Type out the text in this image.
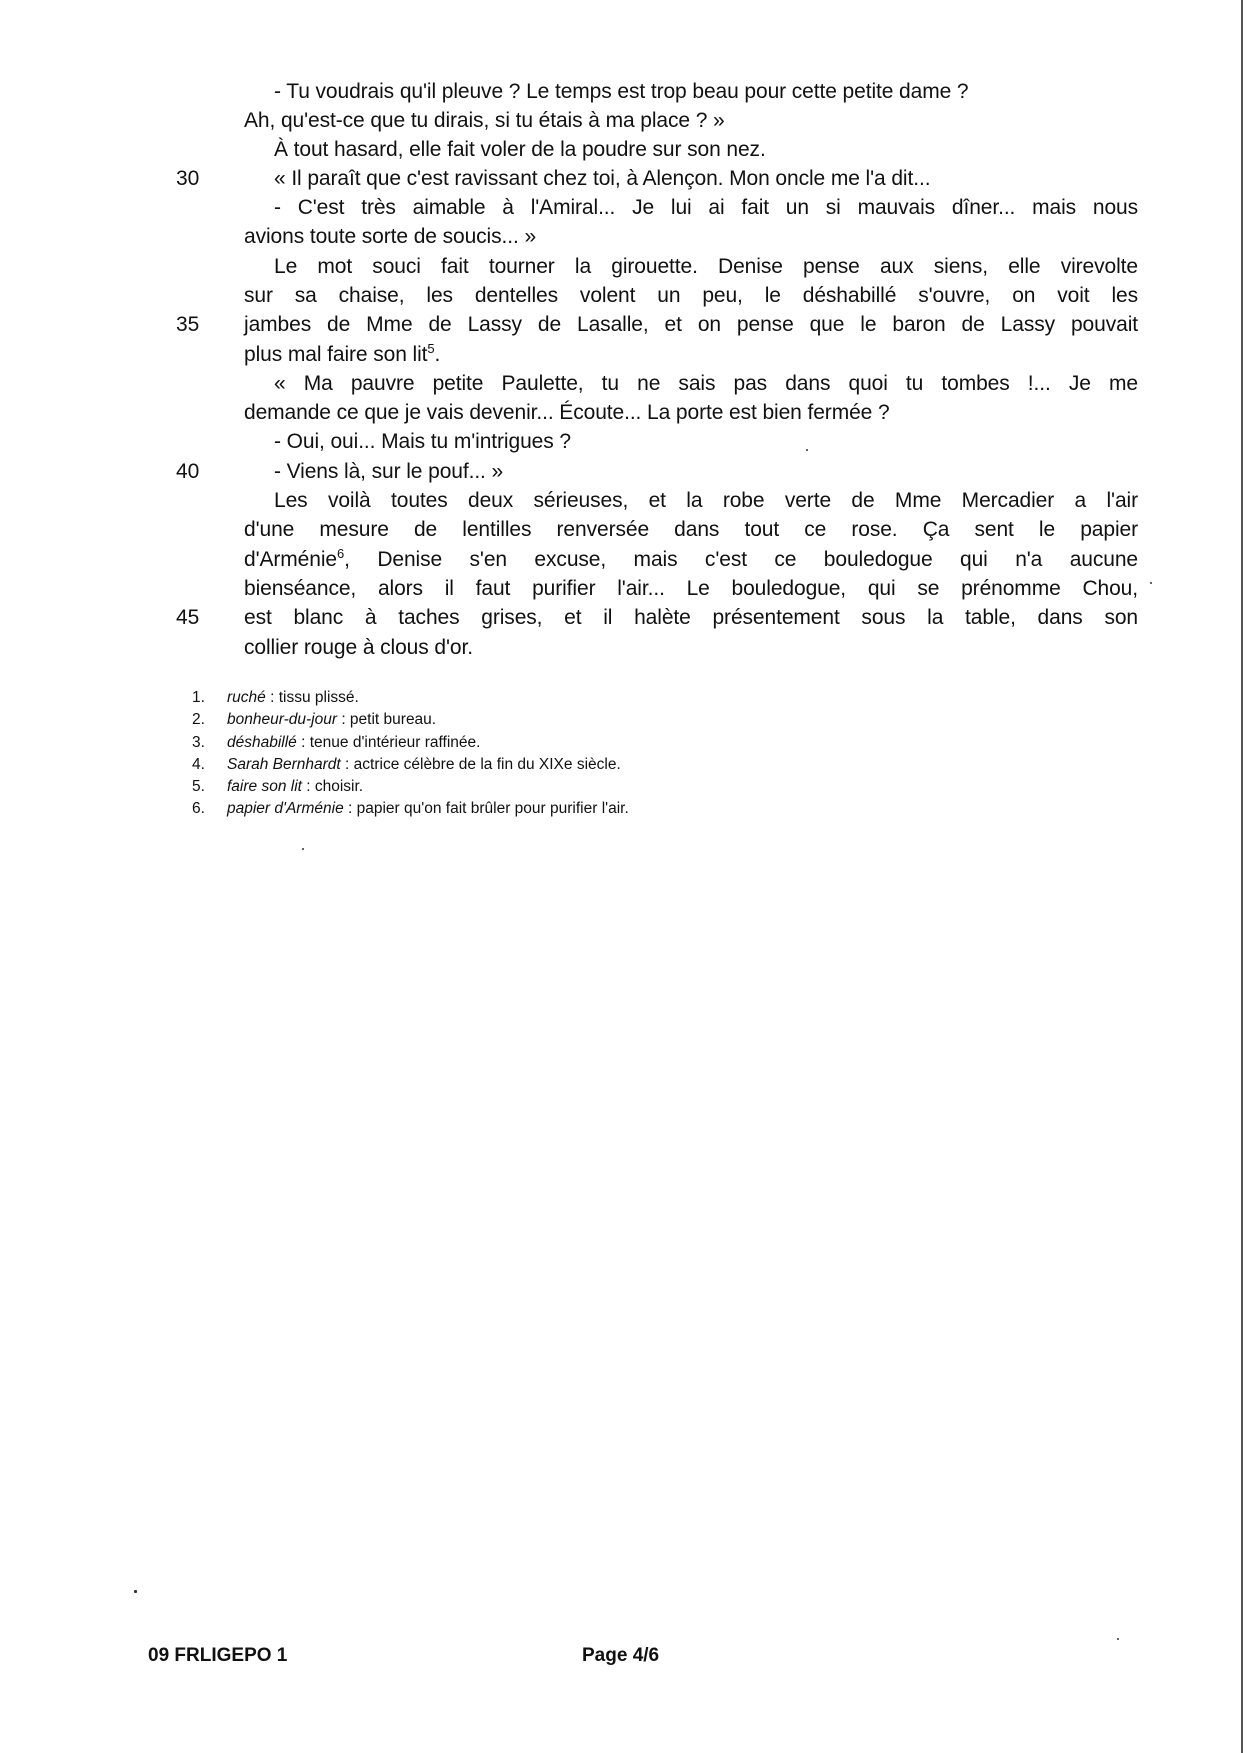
- Tu voudrais qu'il pleuve ? Le temps est trop beau pour cette petite dame ?
Ah, qu'est-ce que tu dirais, si tu étais à ma place ? »
À tout hasard, elle fait voler de la poudre sur son nez.
30	« Il paraît que c'est ravissant chez toi, à Alençon. Mon oncle me l'a dit...
- C'est très aimable à l'Amiral... Je lui ai fait un si mauvais dîner... mais nous
avions toute sorte de soucis... »
Le mot souci fait tourner la girouette. Denise pense aux siens, elle virevolte
sur sa chaise, les dentelles volent un peu, le déshabillé s'ouvre, on voit les
35 jambes de Mme de Lassy de Lasalle, et on pense que le baron de Lassy pouvait
plus mal faire son lit$^5$.
« Ma pauvre petite Paulette, tu ne sais pas dans quoi tu tombes !... Je me
demande ce que je vais devenir... Écoute... La porte est bien fermée ?
- Oui, oui... Mais tu m'intrigues ?
40	- Viens là, sur le pouf... »
Les voilà toutes deux sérieuses, et la robe verte de Mme Mercadier a l'air
d'une mesure de lentilles renversée dans tout ce rose. Ça sent le papier
d'Arménie$^6$, Denise s'en excuse, mais c'est ce bouledogue qui n'a aucune
bienséance, alors il faut purifier l'air... Le bouledogue, qui se prénomme Chou,
45 est blanc à taches grises, et il halète présentement sous la table, dans son
collier rouge à clous d'or.
1. ruché : tissu plissé.
2. bonheur-du-jour : petit bureau.
3. déshabillé : tenue d'intérieur raffinée.
4. Sarah Bernhardt : actrice célèbre de la fin du XIXe siècle.
5. faire son lit : choisir.
6. papier d'Arménie : papier qu'on fait brûler pour purifier l'air.
09 FRLIGEPO 1	Page 4/6
